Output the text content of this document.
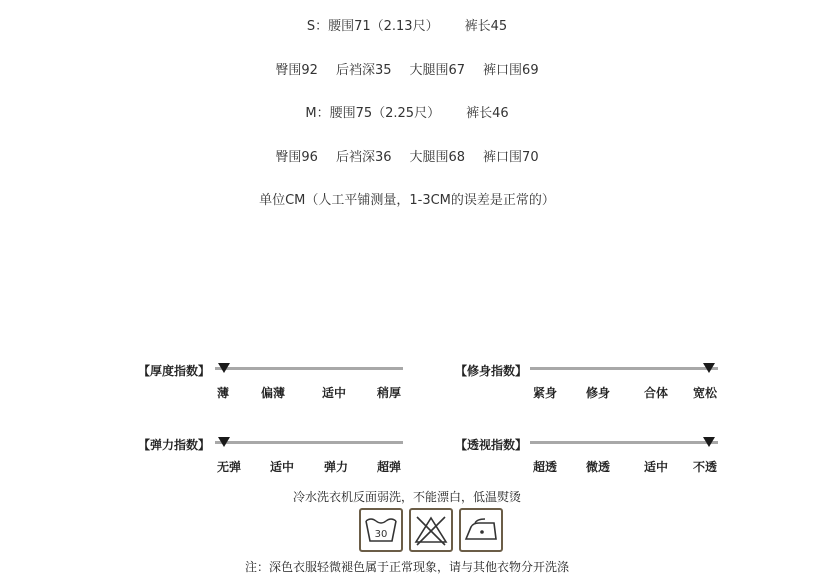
S：腰围71（2.13尺） 裤长45
臀围92 后裆深35 大腿围67 裤口围69
M：腰围75（2.25尺） 裤长46
臀围96 后裆深36 大腿围68 裤口围70
单位CM（人工平铺测量，1-3CM的误差是正常的）
【厚度指数】
薄	偏薄	适中	稍厚
【修身指数】
紧身 修身	合体 宽松
【弹力指数】
无弹 适中 弹力 超弹
【透视指数】
超透 微透	适中 不透
冷水洗衣机反面弱洗，不能漂白，低温熨烫
30
注：深色衣服轻微褪色属于正常现象，请与其他衣物分开洗涤
